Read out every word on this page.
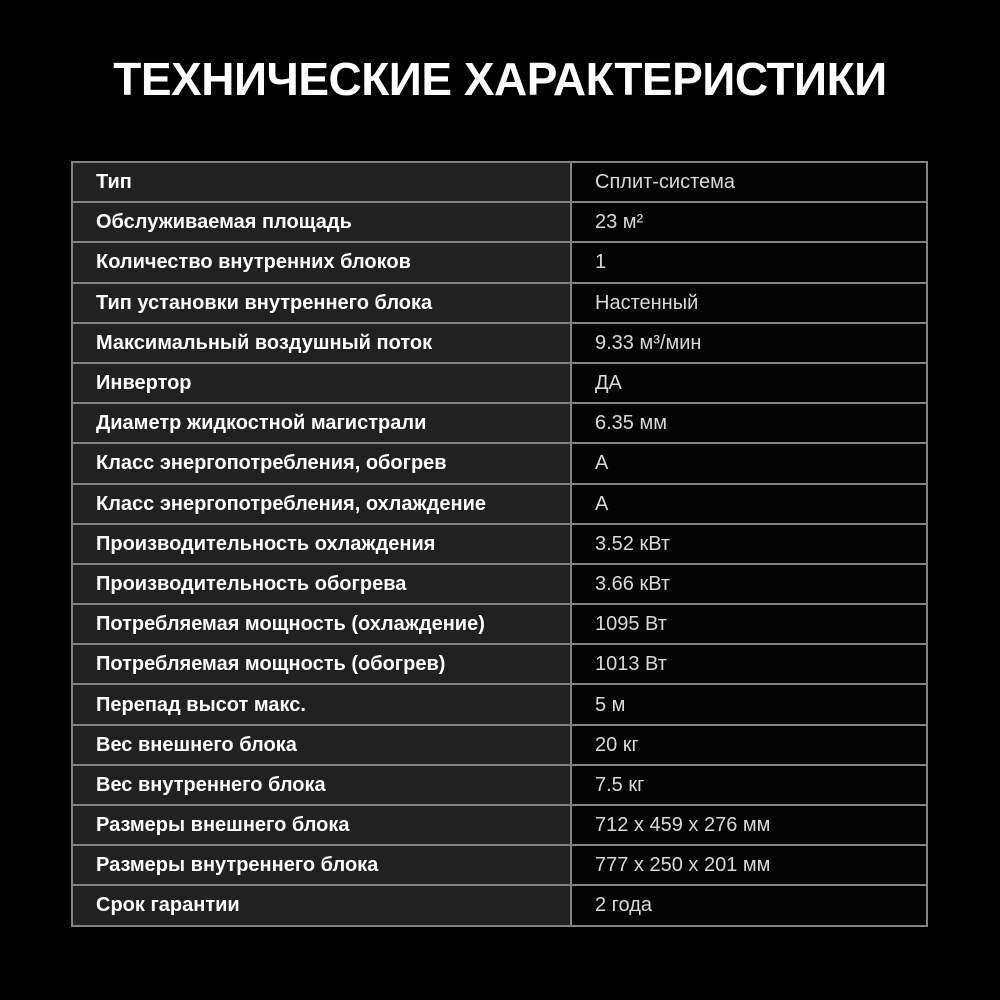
ТЕХНИЧЕСКИЕ ХАРАКТЕРИСТИКИ
Тип	Сплит-система
Обслуживаемая площадь	23 м²
Количество внутренних блоков	1
Тип установки внутреннего блока	Настенный
Максимальный воздушный поток	9.33 м³/мин
Инвертор	ДА
Диаметр жидкостной магистрали	6.35 мм
Класс энергопотребления, обогрев	A
Класс энергопотребления, охлаждение	A
Производительность охлаждения	3.52 кВт
Производительность обогрева	3.66 кВт
Потребляемая мощность (охлаждение)	1095 Вт
Потребляемая мощность (обогрев)	1013 Вт
Перепад высот макс.	5 м
Вес внешнего блока	20 кг
Вес внутреннего блока	7.5 кг
Размеры внешнего блока	712 x 459 x 276 мм
Размеры внутреннего блока	777 x 250 x 201 мм
Срок гарантии	2 года
